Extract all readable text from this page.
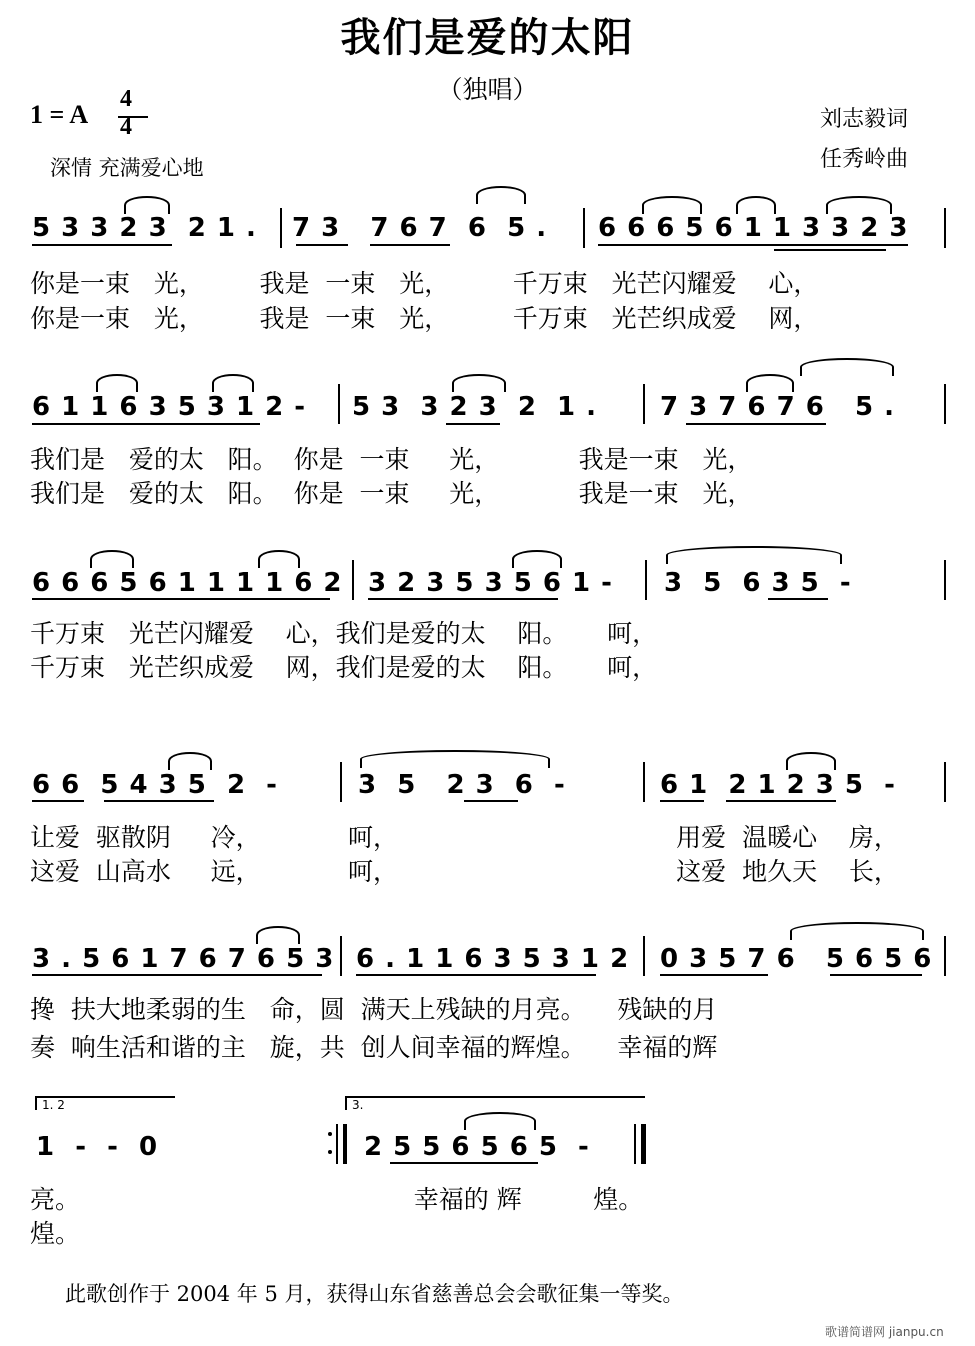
我们是爱的太阳
（独唱）
1 = A
4
4
深情 充满爱心地
刘志毅词
任秀岭曲
5 3 3 2 3  2 1 . 7 3   7 6 7  6  5 . 6 6 6 5 6 1 1 3 3 2 3
你是一束   光，       我是  一束   光，        千万束   光芒闪耀爱    心，
你是一束   光，       我是  一束   光，        千万束   光芒织成爱    网，
6 1 1 6 3 5 3 1 2 - 5 3  3 2 3  2  1 . 7 3 7 6 7 6   5 .
我们是   爱的太   阳。  你是  一束     光，          我是一束   光，
我们是   爱的太   阳。  你是  一束     光，          我是一束   光，
6 6 6 5 6 1 1 1 1 6 2 3 2 3 5 3 5 6 1 - 3  5  6 3 5  -
千万束   光芒闪耀爱    心，我们是爱的太    阳。     呵，
千万束   光芒织成爱    网，我们是爱的太    阳。     呵，
6 6  5 4 3 5  2  -	3  5   2 3  6  -	6 1  2 1 2 3 5  -
让爱  驱散阴     冷，           呵，                                   用爱  温暖心    房，
这爱  山高水     远，           呵，                                   这爱  地久天    长，
3 . 5 6 1 7 6 7 6 5 3 6 . 1 1 6 3 5 3 1 2 0 3 5 7 6   5 6 5 6
搀  扶大地柔弱的生   命，圆  满天上残缺的月亮。    残缺的月
奏  响生活和谐的主   旋，共  创人间幸福的辉煌。    幸福的辉
1. 2	3.
1  -  -  0	2 5 5 6 5 6 5  -
亮。                                          幸福的 辉         煌。
煌。
此歌创作于 2004 年 5 月，获得山东省慈善总会会歌征集一等奖。
歌谱简谱网 jianpu.cn
